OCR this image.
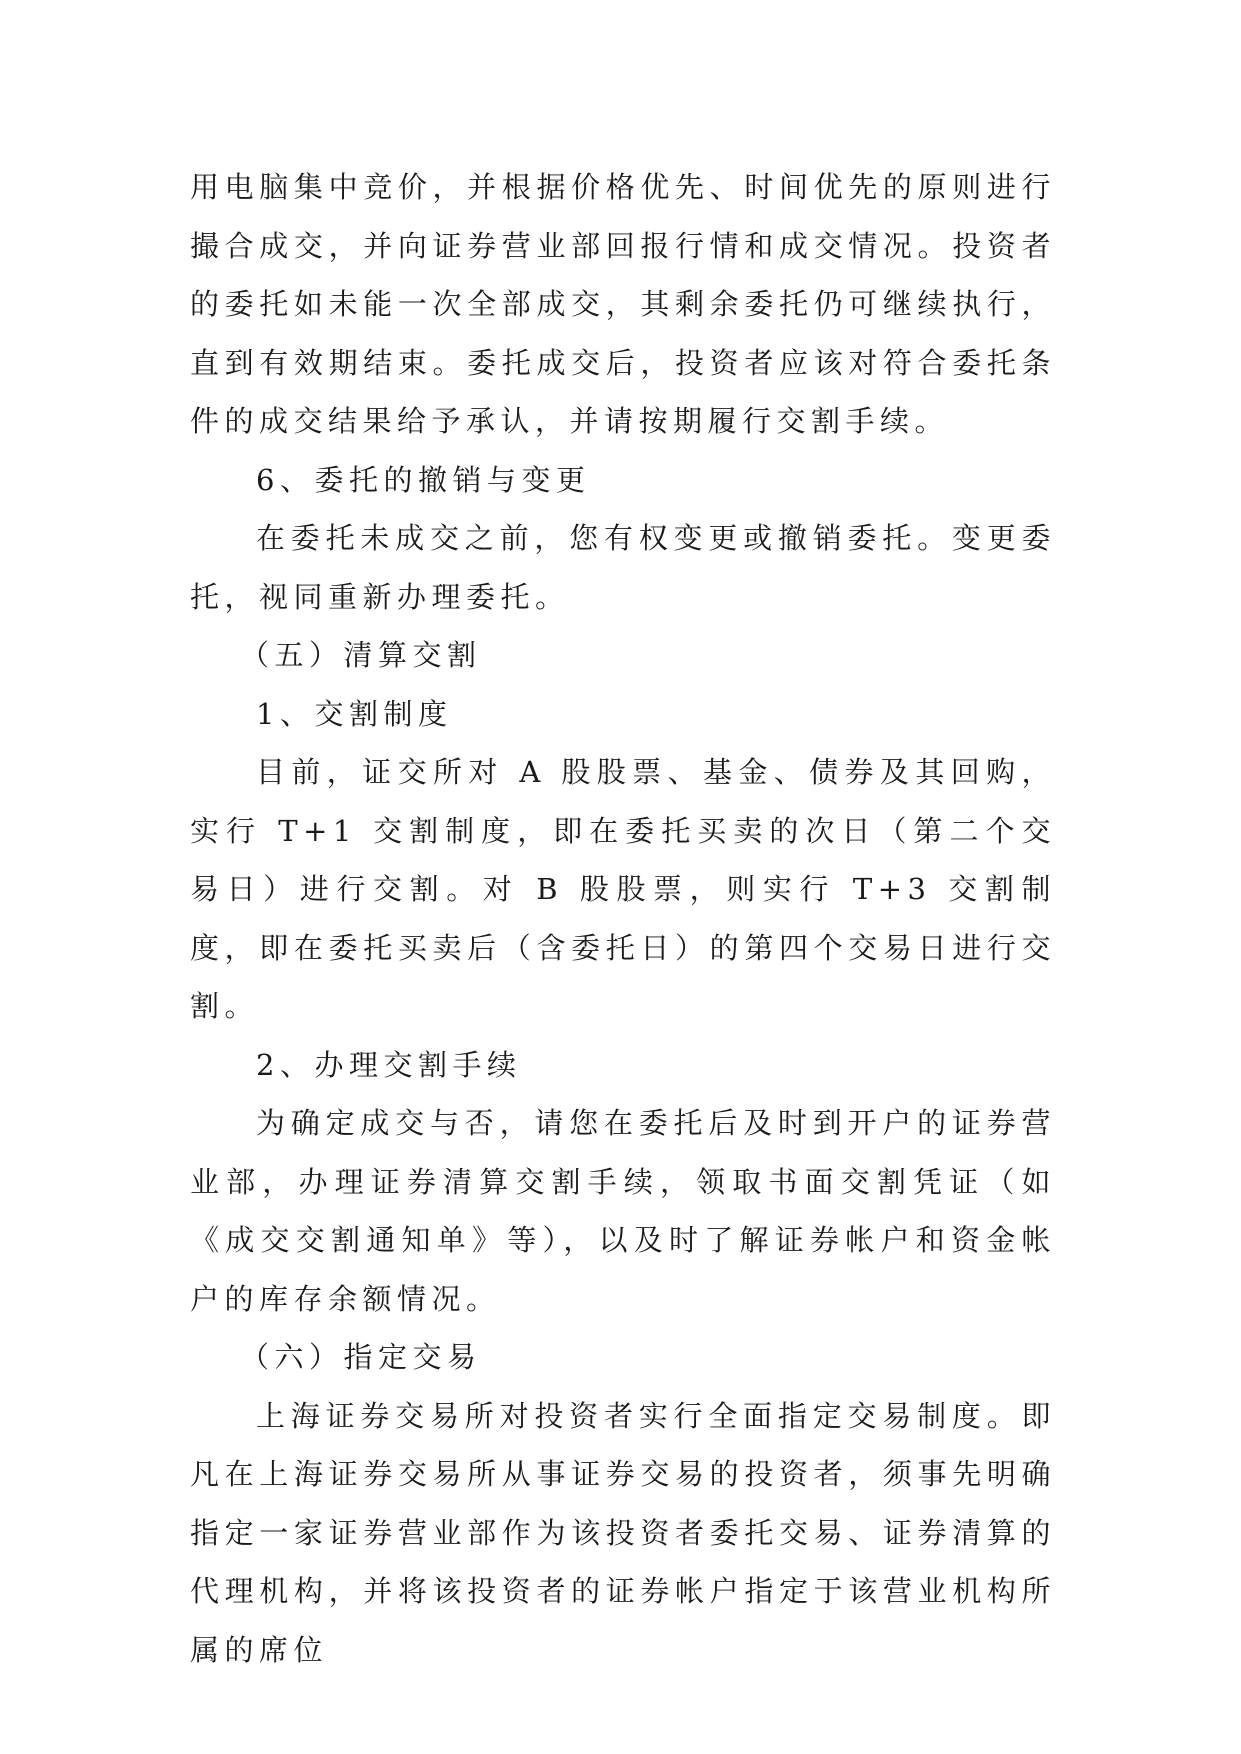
用电脑集中竞价，并根据价格优先、时间优先的原则进行撮合成交，并向证券营业部回报行情和成交情况。投资者的委托如未能一次全部成交，其剩余委托仍可继续执行，直到有效期结束。委托成交后，投资者应该对符合委托条件的成交结果给予承认，并请按期履行交割手续。

6、委托的撤销与变更

在委托未成交之前，您有权变更或撤销委托。变更委托，视同重新办理委托。

（五）清算交割

1、交割制度

目前，证交所对 A 股股票、基金、债券及其回购，实行 T+1 交割制度，即在委托买卖的次日（第二个交易日）进行交割。对 B 股股票，则实行 T+3 交割制度，即在委托买卖后（含委托日）的第四个交易日进行交割。

2、办理交割手续

为确定成交与否，请您在委托后及时到开户的证券营业部，办理证券清算交割手续，领取书面交割凭证（如《成交交割通知单》等），以及时了解证券帐户和资金帐户的库存余额情况。

（六）指定交易

上海证券交易所对投资者实行全面指定交易制度。即凡在上海证券交易所从事证券交易的投资者，须事先明确指定一家证券营业部作为该投资者委托交易、证券清算的代理机构，并将该投资者的证券帐户指定于该营业机构所属的席位
